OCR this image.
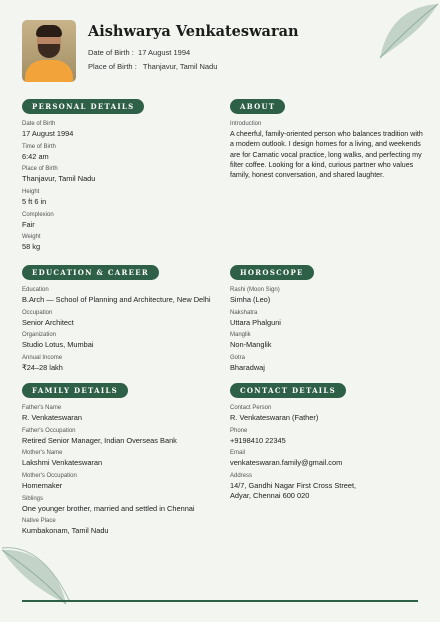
Aishwarya Venkateswaran
Date of Birth : 17 August 1994
Place of Birth : Thanjavur, Tamil Nadu
PERSONAL DETAILS
Date of Birth
17 August 1994
Time of Birth
6:42 am
Place of Birth
Thanjavur, Tamil Nadu
Height
5 ft 6 in
Complexion
Fair
Weight
58 kg
ABOUT
Introduction
A cheerful, family-oriented person who balances tradition with a modern outlook. I design homes for a living, and weekends are for Carnatic vocal practice, long walks, and perfecting my filter coffee. Looking for a kind, curious partner who values family, honest conversation, and shared laughter.
EDUCATION & CAREER
Education
B.Arch — School of Planning and Architecture, New Delhi
Occupation
Senior Architect
Organization
Studio Lotus, Mumbai
Annual Income
₹24–28 lakh
HOROSCOPE
Rashi (Moon Sign)
Simha (Leo)
Nakshatra
Uttara Phalguni
Manglik
Non-Manglik
Gotra
Bharadwaj
FAMILY DETAILS
Father's Name
R. Venkateswaran
Father's Occupation
Retired Senior Manager, Indian Overseas Bank
Mother's Name
Lakshmi Venkateswaran
Mother's Occupation
Homemaker
Siblings
One younger brother, married and settled in Chennai
Native Place
Kumbakonam, Tamil Nadu
CONTACT DETAILS
Contact Person
R. Venkateswaran (Father)
Phone
+9198410 22345
Email
venkateswaran.family@gmail.com
Address
14/7, Gandhi Nagar First Cross Street, Adyar, Chennai 600 020
